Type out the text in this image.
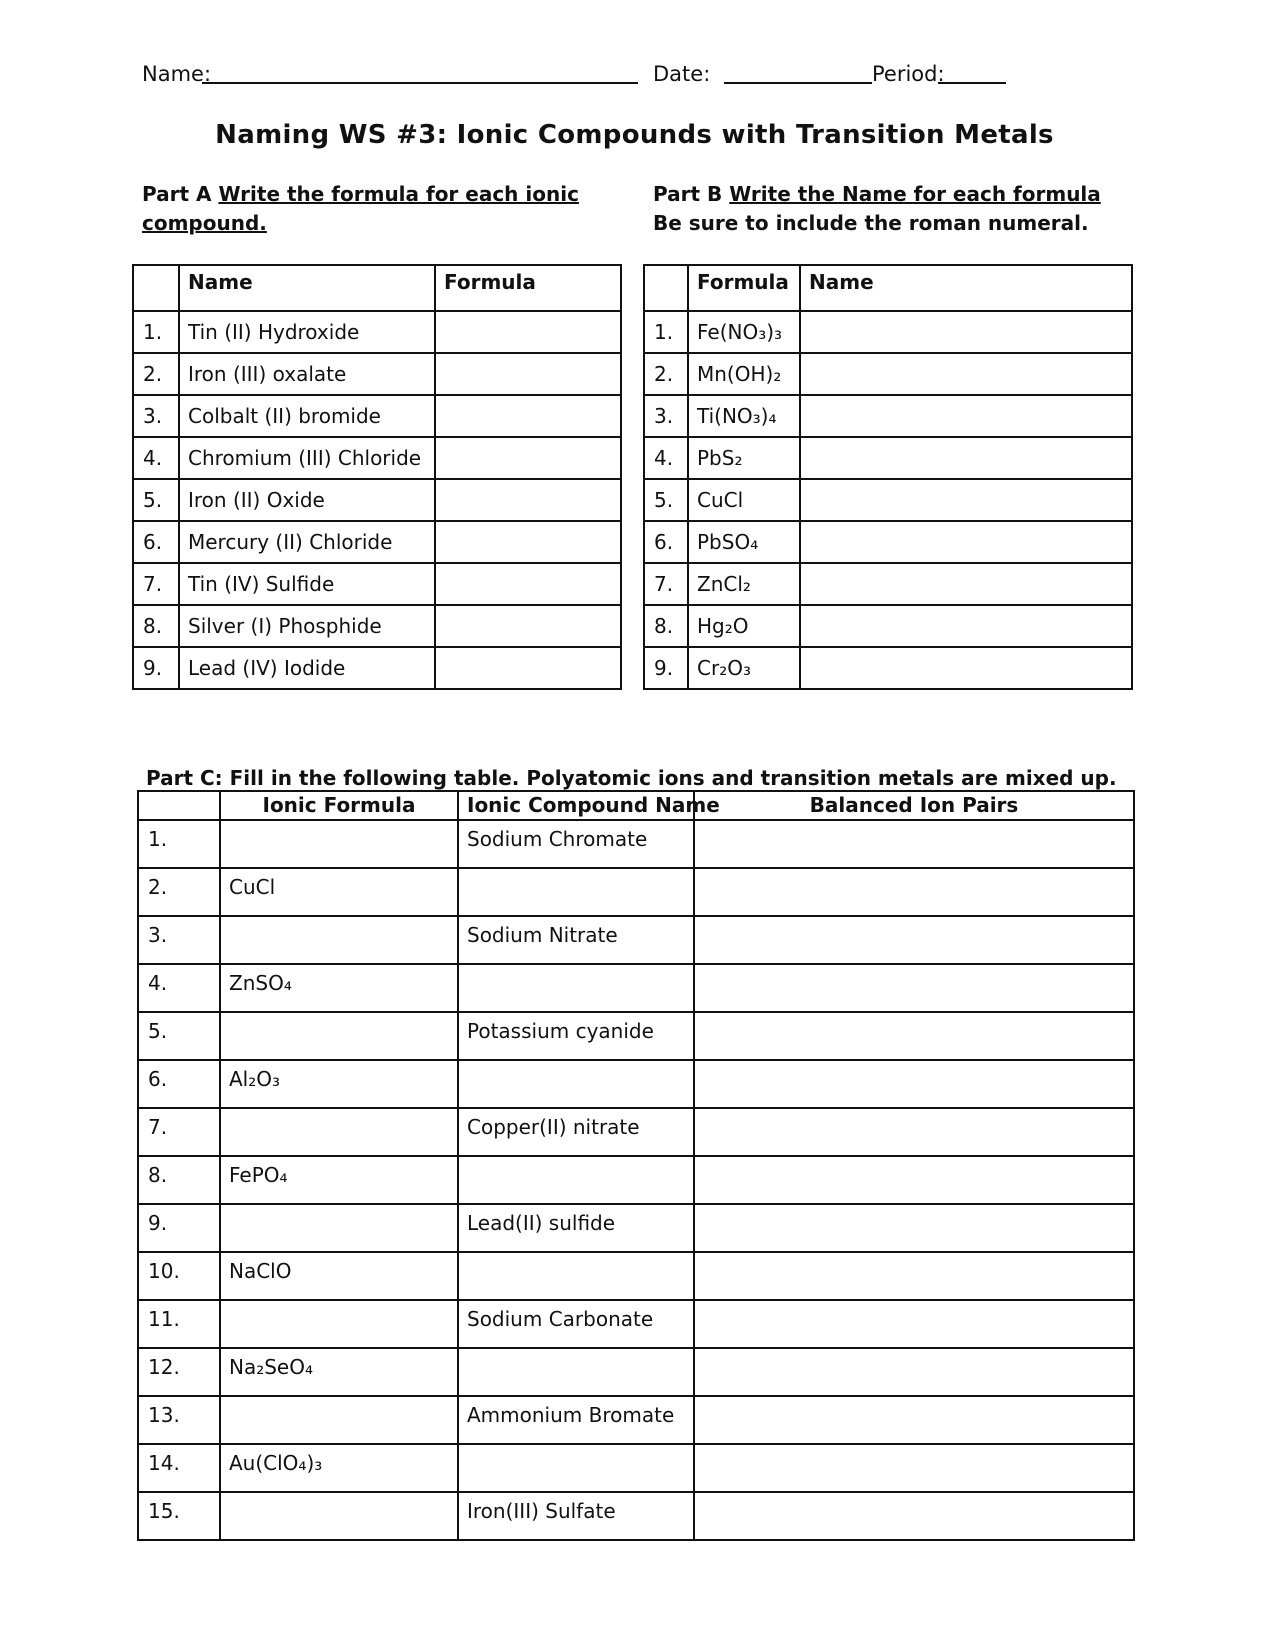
Name:	Date:	Period:
Naming WS #3: Ionic Compounds with Transition Metals
Part A Write the formula for each ionic
compound.
Part B Write the Name for each formula
Be sure to include the roman numeral.
	Name	Formula
1.	Tin (II) Hydroxide	
2.	Iron (III) oxalate	
3.	Colbalt (II) bromide	
4.	Chromium (III) Chloride	
5.	Iron (II) Oxide	
6.	Mercury (II) Chloride	
7.	Tin (IV) Sulfide	
8.	Silver (I) Phosphide	
9.	Lead (IV) Iodide	
	Formula	Name
1.	Fe(NO₃)₃	
2.	Mn(OH)₂	
3.	Ti(NO₃)₄	
4.	PbS₂	
5.	CuCl	
6.	PbSO₄	
7.	ZnCl₂	
8.	Hg₂O	
9.	Cr₂O₃	
Part C: Fill in the following table. Polyatomic ions and transition metals are mixed up.
	Ionic Formula	Ionic Compound Name	Balanced Ion Pairs
1.		Sodium Chromate	
2.	CuCl		
3.		Sodium Nitrate	
4.	ZnSO₄		
5.		Potassium cyanide	
6.	Al₂O₃		
7.		Copper(II) nitrate	
8.	FePO₄		
9.		Lead(II) sulfide	
10.	NaClO		
11.		Sodium Carbonate	
12.	Na₂SeO₄		
13.		Ammonium Bromate	
14.	Au(ClO₄)₃		
15.		Iron(III) Sulfate	
